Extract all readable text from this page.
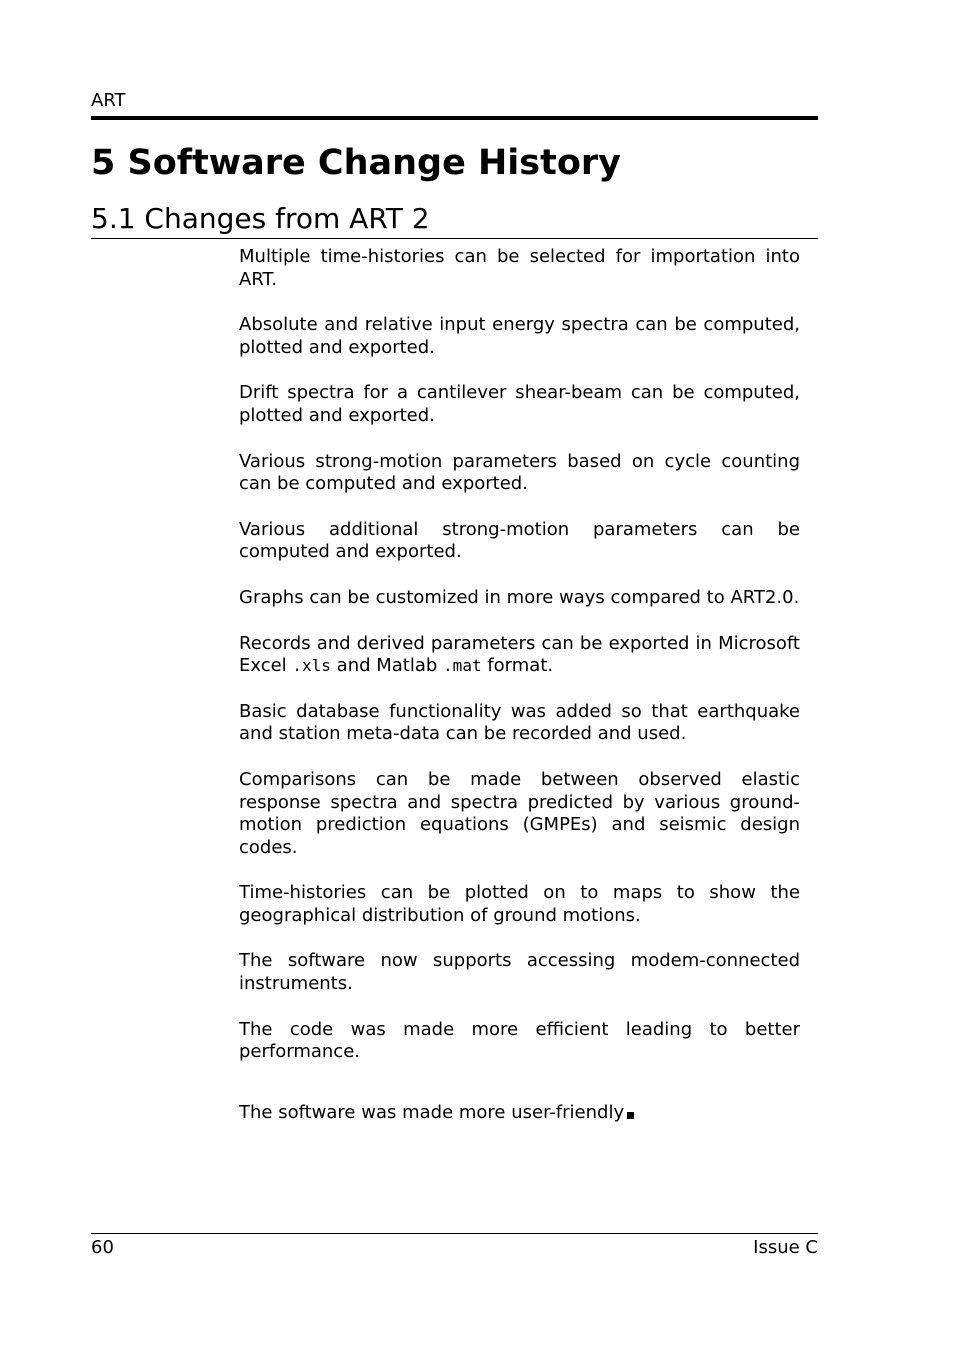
ART
5 Software Change History
5.1 Changes from ART 2

Multiple time-histories can be selected for importation into ART.

Absolute and relative input energy spectra can be computed, plotted and exported.

Drift spectra for a cantilever shear-beam can be computed, plotted and exported.

Various strong-motion parameters based on cycle counting can be computed and exported.

Various additional strong-motion parameters can be computed and exported.

Graphs can be customized in more ways compared to ART2.0.

Records and derived parameters can be exported in Microsoft Excel .xls and Matlab .mat format.

Basic database functionality was added so that earthquake and station meta-data can be recorded and used.

Comparisons can be made between observed elastic response spectra and spectra predicted by various ground-motion prediction equations (GMPEs) and seismic design codes.

Time-histories can be plotted on to maps to show the geographical distribution of ground motions.

The software now supports accessing modem-connected instruments.

The code was made more efficient leading to better performance.

The software was made more user-friendly

60	Issue C
